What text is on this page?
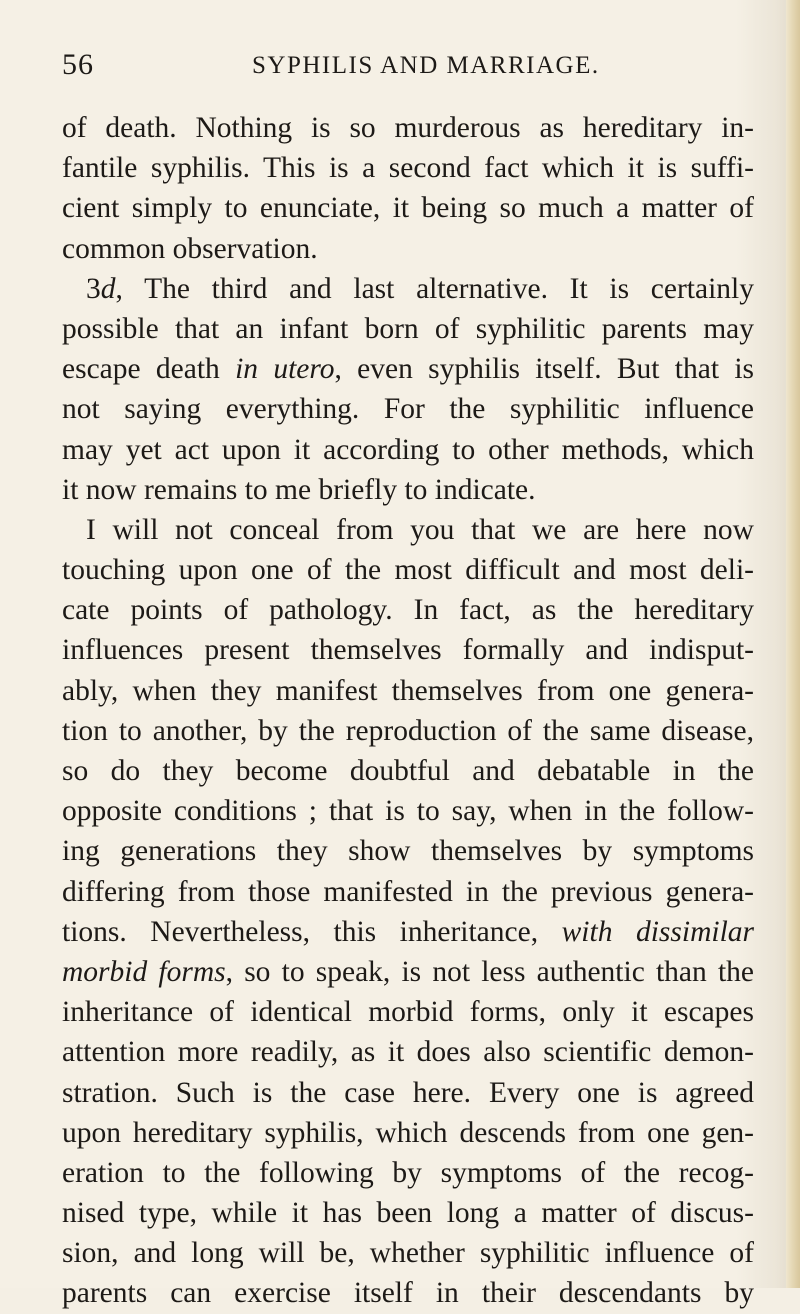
56	SYPHILIS AND MARRIAGE.
of death. Nothing is so murderous as hereditary in-
fantile syphilis. This is a second fact which it is suffi-
cient simply to enunciate, it being so much a matter of
common observation.
3d, The third and last alternative. It is certainly
possible that an infant born of syphilitic parents may
escape death in utero, even syphilis itself. But that is
not saying everything. For the syphilitic influence
may yet act upon it according to other methods, which
it now remains to me briefly to indicate.
I will not conceal from you that we are here now
touching upon one of the most difficult and most deli-
cate points of pathology. In fact, as the hereditary
influences present themselves formally and indisput-
ably, when they manifest themselves from one genera-
tion to another, by the reproduction of the same disease,
so do they become doubtful and debatable in the
opposite conditions ; that is to say, when in the follow-
ing generations they show themselves by symptoms
differing from those manifested in the previous genera-
tions. Nevertheless, this inheritance, with dissimilar
morbid forms, so to speak, is not less authentic than the
inheritance of identical morbid forms, only it escapes
attention more readily, as it does also scientific demon-
stration. Such is the case here. Every one is agreed
upon hereditary syphilis, which descends from one gen-
eration to the following by symptoms of the recog-
nised type, while it has been long a matter of discus-
sion, and long will be, whether syphilitic influence of
parents can exercise itself in their descendants by
